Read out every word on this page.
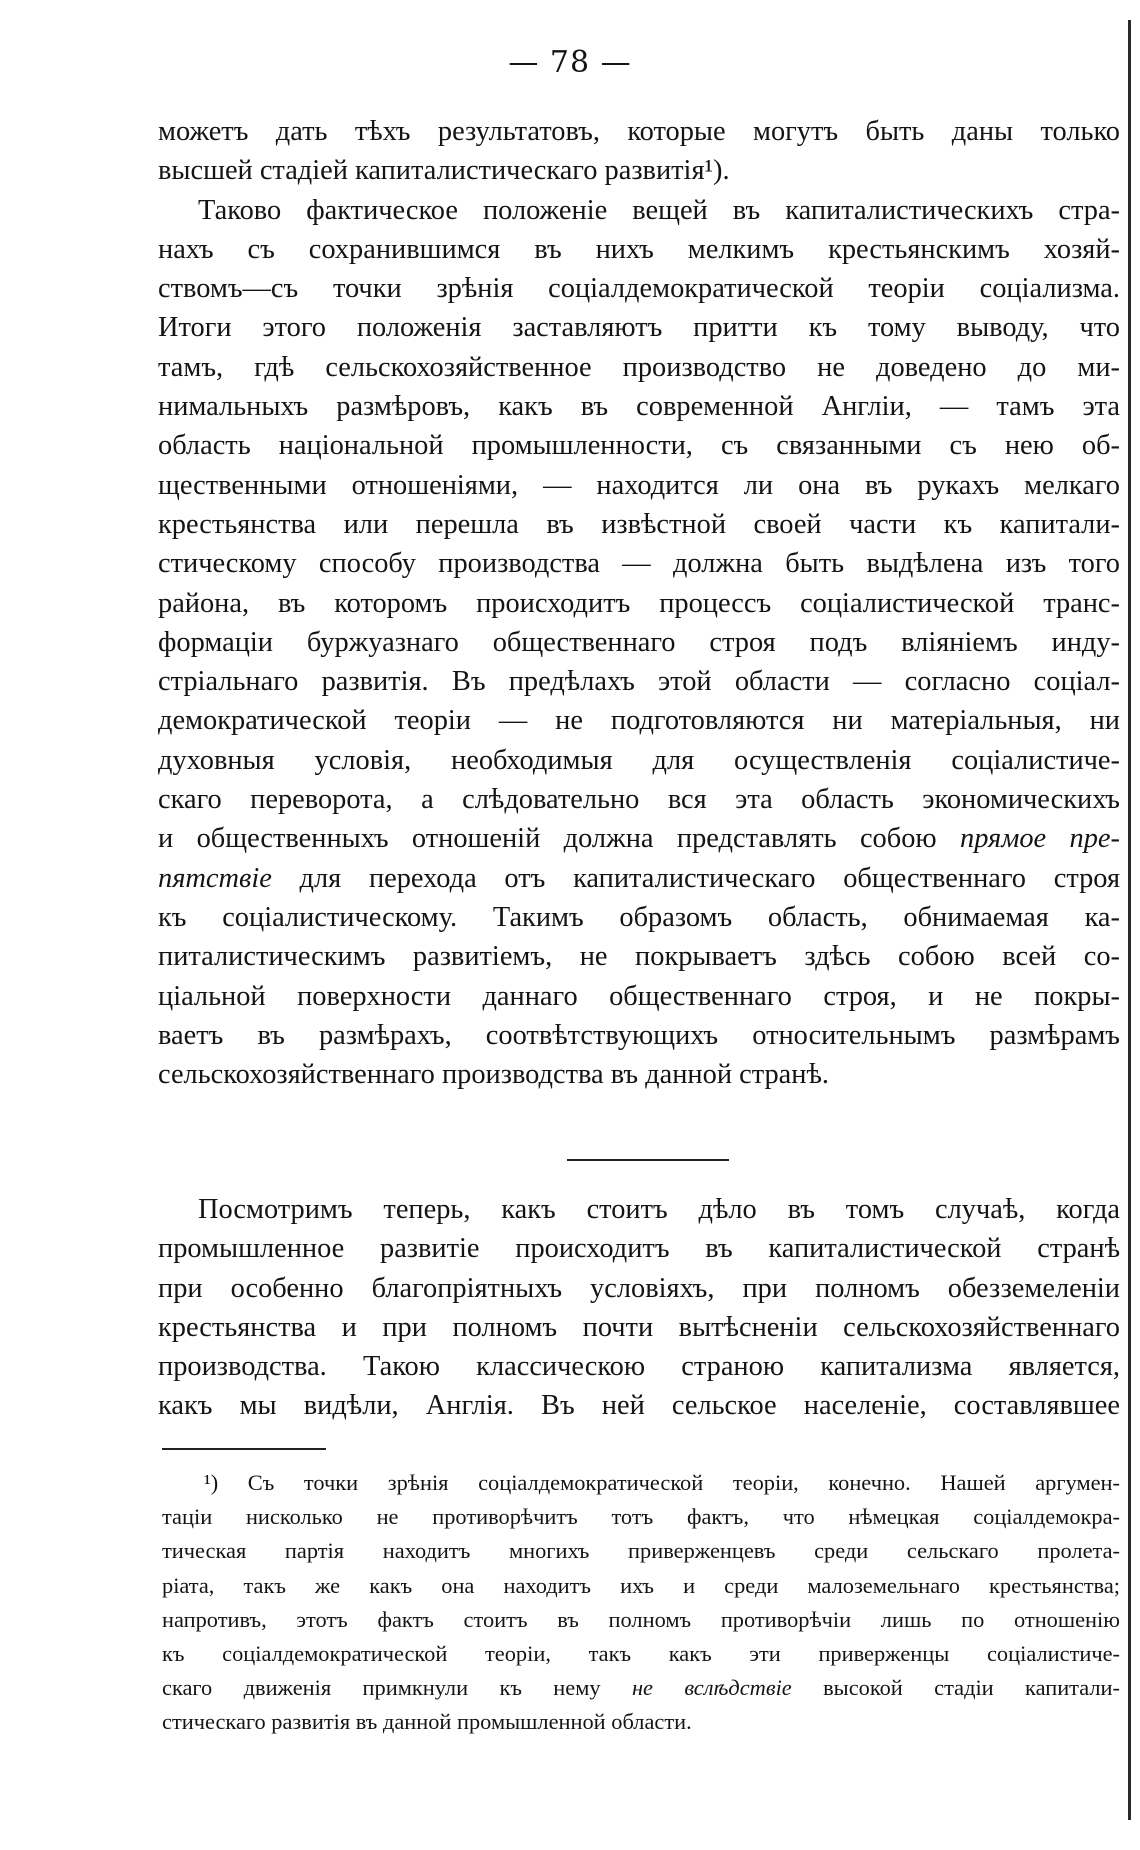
— 78 —
можетъ дать тѣхъ результатовъ, которые могутъ быть даны только
высшей стадіей капиталистическаго развитія¹).
Таково фактическое положеніе вещей въ капиталистическихъ стра-
нахъ съ сохранившимся въ нихъ мелкимъ крестьянскимъ хозяй-
ствомъ—съ точки зрѣнія соціалдемократической теоріи соціализма.
Итоги этого положенія заставляютъ притти къ тому выводу, что
тамъ, гдѣ сельскохозяйственное производство не доведено до ми-
нимальныхъ размѣровъ, какъ въ современной Англіи, — тамъ эта
область національной промышленности, съ связанными съ нею об-
щественными отношеніями, — находится ли она въ рукахъ мелкаго
крестьянства или перешла въ извѣстной своей части къ капитали-
стическому способу производства — должна быть выдѣлена изъ того
района, въ которомъ происходитъ процессъ соціалистической транс-
формаціи буржуазнаго общественнаго строя подъ вліяніемъ инду-
стріальнаго развитія. Въ предѣлахъ этой области — согласно соціал-
демократической теоріи — не подготовляются ни матеріальныя, ни
духовныя условія, необходимыя для осуществленія соціалистиче-
скаго переворота, а слѣдовательно вся эта область экономическихъ
и общественныхъ отношеній должна представлять собою прямое пре-
пятствіе для перехода отъ капиталистическаго общественнаго строя
къ соціалистическому. Такимъ образомъ область, обнимаемая ка-
питалистическимъ развитіемъ, не покрываетъ здѣсь собою всей со-
ціальной поверхности даннаго общественнаго строя, и не покры-
ваетъ въ размѣрахъ, соотвѣтствующихъ относительнымъ размѣрамъ
сельскохозяйственнаго производства въ данной странѣ.
Посмотримъ теперь, какъ стоитъ дѣло въ томъ случаѣ, когда
промышленное развитіе происходитъ въ капиталистической странѣ
при особенно благопріятныхъ условіяхъ, при полномъ обезземеленіи
крестьянства и при полномъ почти вытѣсненіи сельскохозяйственнаго
производства. Такою классическою страною капитализма является,
какъ мы видѣли, Англія. Въ ней сельское населеніе, составлявшее
¹) Съ точки зрѣнія соціалдемократической теоріи, конечно. Нашей аргумен-
таціи нисколько не противорѣчитъ тотъ фактъ, что нѣмецкая соціалдемокра-
тическая партія находитъ многихъ приверженцевъ среди сельскаго пролета-
ріата, такъ же какъ она находитъ ихъ и среди малоземельнаго крестьянства;
напротивъ, этотъ фактъ стоитъ въ полномъ противорѣчіи лишь по отношенію
къ соціалдемократической теоріи, такъ какъ эти приверженцы соціалистиче-
скаго движенія примкнули къ нему не вслѣдствіе высокой стадіи капитали-
стическаго развитія въ данной промышленной области.
